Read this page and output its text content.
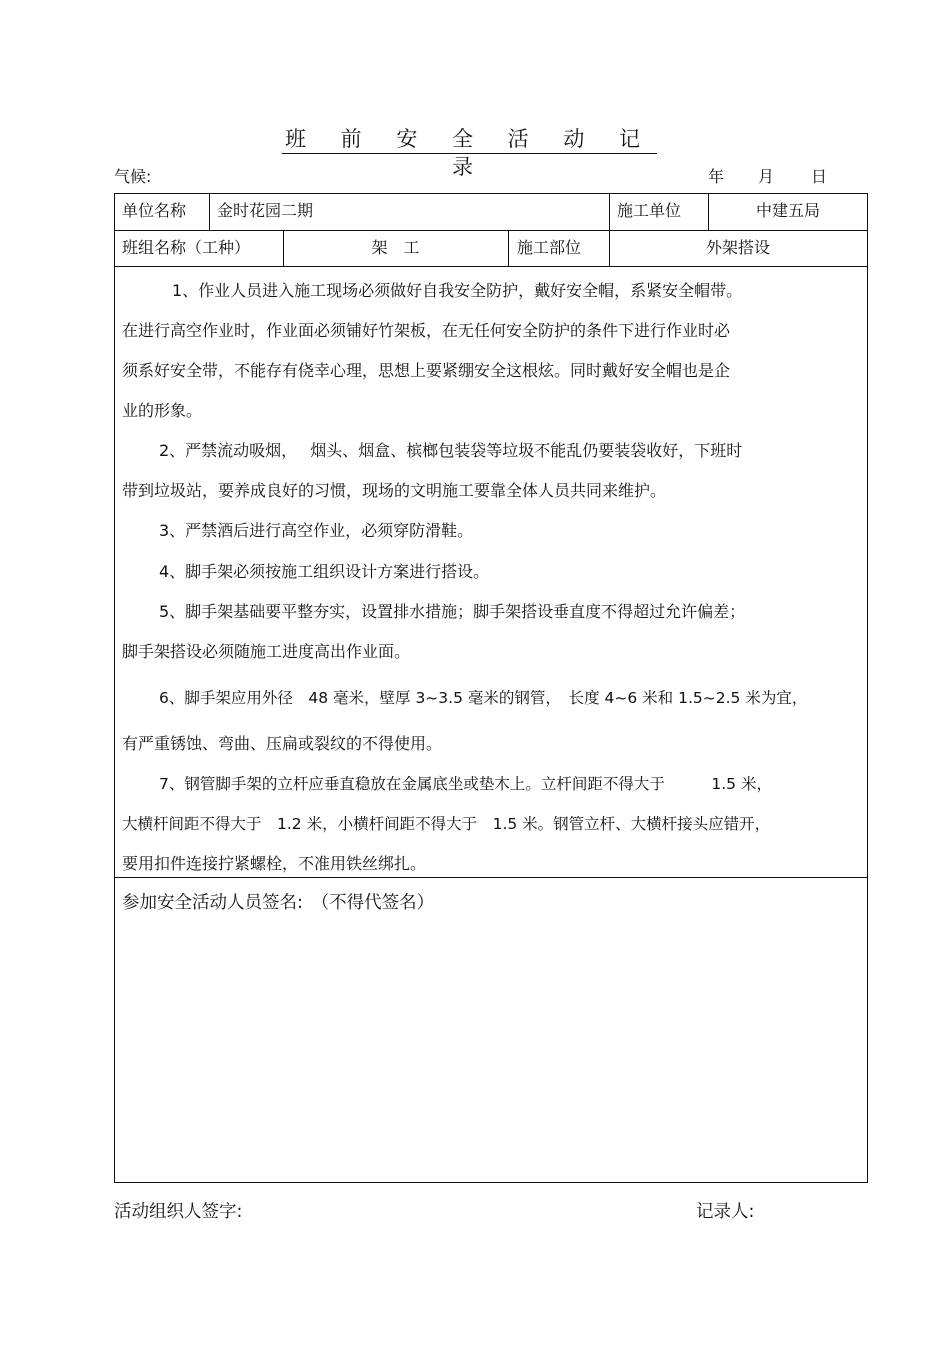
班 前 安 全 活 动 记 录
气候:	年 月 日
单位名称 金时花园二期	施工单位	中建五局
班组名称（工种）	架　工	施工部位	外架搭设
1、作业人员进入施工现场必须做好自我安全防护，戴好安全帽，系紧安全帽带。
在进行高空作业时，作业面必须铺好竹架板，在无任何安全防护的条件下进行作业时必
须系好安全带，不能存有侥幸心理，思想上要紧绷安全这根炫。同时戴好安全帽也是企
业的形象。
2、严禁流动吸烟，　 烟头、烟盒、槟榔包装袋等垃圾不能乱仍要装袋收好，下班时
带到垃圾站，要养成良好的习惯，现场的文明施工要靠全体人员共同来维护。
3、严禁酒后进行高空作业，必须穿防滑鞋。
4、脚手架必须按施工组织设计方案进行搭设。
5、脚手架基础要平整夯实，设置排水措施；脚手架搭设垂直度不得超过允许偏差；
脚手架搭设必须随施工进度高出作业面。
6、脚手架应用外径　48 毫米，壁厚 3~3.5 毫米的钢管，　长度 4~6 米和 1.5~2.5 米为宜，
有严重锈蚀、弯曲、压扁或裂纹的不得使用。
7、钢管脚手架的立杆应垂直稳放在金属底坐或垫木上。立杆间距不得大于　　　1.5 米，
大横杆间距不得大于　1.2 米，小横杆间距不得大于　1.5 米。钢管立杆、大横杆接头应错开，
要用扣件连接拧紧螺栓，不准用铁丝绑扎。
参加安全活动人员签名:　（不得代签名）
活动组织人签字:	记录人:
